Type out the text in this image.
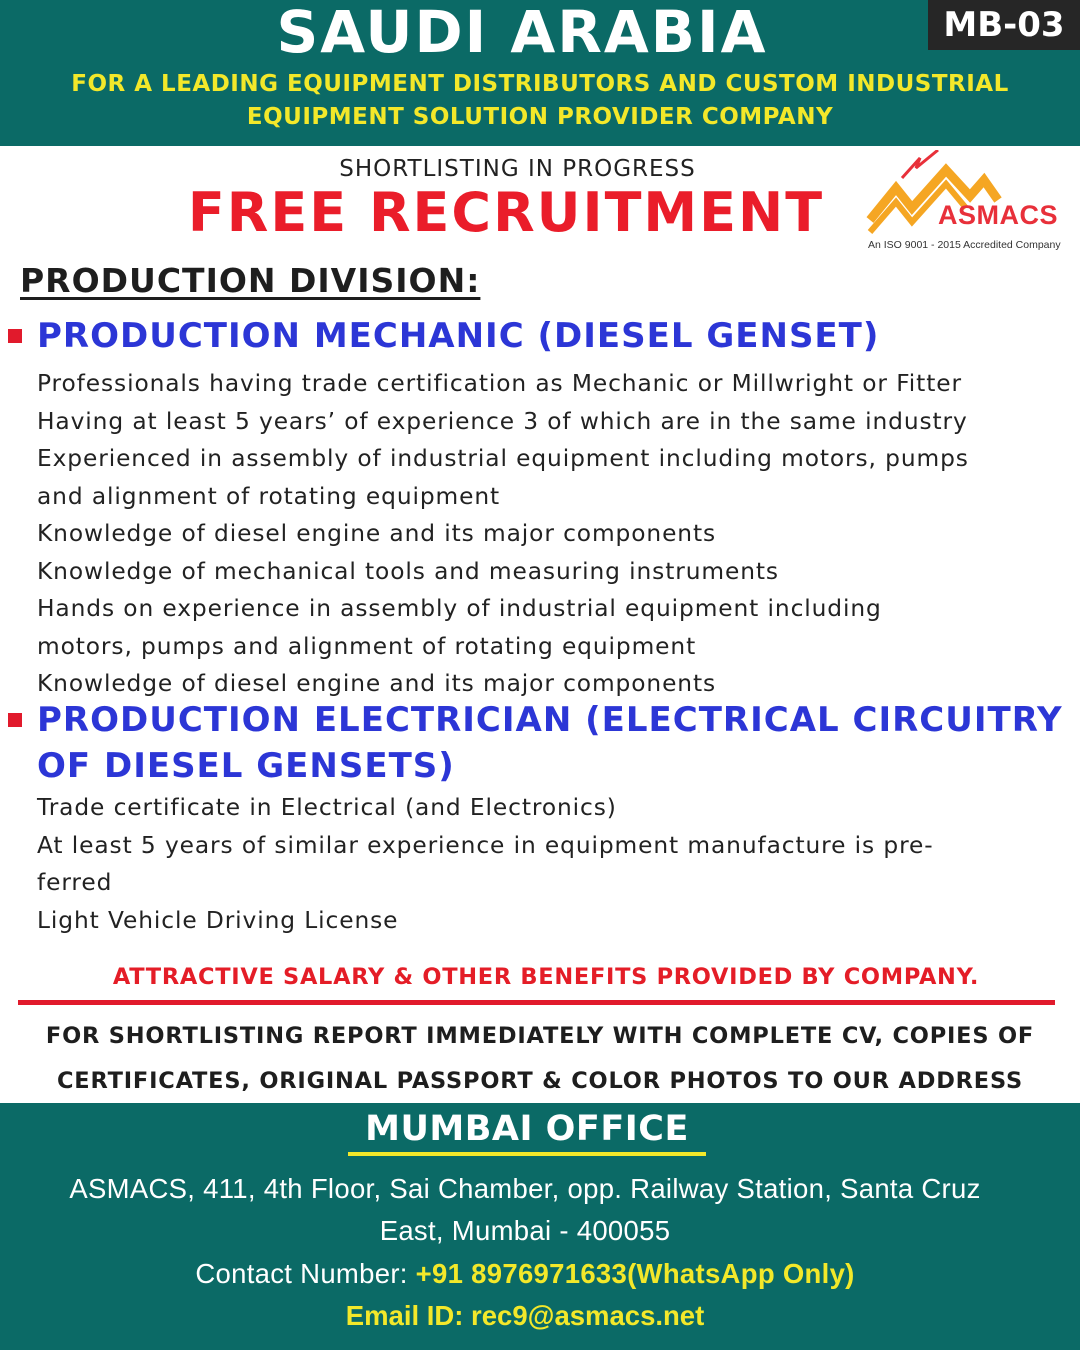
SAUDI ARABIA	MB-03
FOR A LEADING EQUIPMENT DISTRIBUTORS AND CUSTOM INDUSTRIAL
EQUIPMENT SOLUTION PROVIDER COMPANY
SHORTLISTING IN PROGRESS
FREE RECRUITMENT	ASMACS
An ISO 9001 - 2015 Accredited Company
PRODUCTION DIVISION:
PRODUCTION MECHANIC (DIESEL GENSET)
Professionals having trade certification as Mechanic or Millwright or Fitter
Having at least 5 years’ of experience 3 of which are in the same industry
Experienced in assembly of industrial equipment including motors, pumps
and alignment of rotating equipment
Knowledge of diesel engine and its major components
Knowledge of mechanical tools and measuring instruments
Hands on experience in assembly of industrial equipment including
motors, pumps and alignment of rotating equipment
Knowledge of diesel engine and its major components
PRODUCTION ELECTRICIAN (ELECTRICAL CIRCUITRY
OF DIESEL GENSETS)
Trade certificate in Electrical (and Electronics)
At least 5 years of similar experience in equipment manufacture is pre-
ferred
Light Vehicle Driving License
ATTRACTIVE SALARY & OTHER BENEFITS PROVIDED BY COMPANY.
FOR SHORTLISTING REPORT IMMEDIATELY WITH COMPLETE CV, COPIES OF
CERTIFICATES, ORIGINAL PASSPORT & COLOR PHOTOS TO OUR ADDRESS
MUMBAI OFFICE
ASMACS, 411, 4th Floor, Sai Chamber, opp. Railway Station, Santa Cruz
East, Mumbai - 400055
Contact Number: +91 8976971633(WhatsApp Only)
Email ID: rec9@asmacs.net
